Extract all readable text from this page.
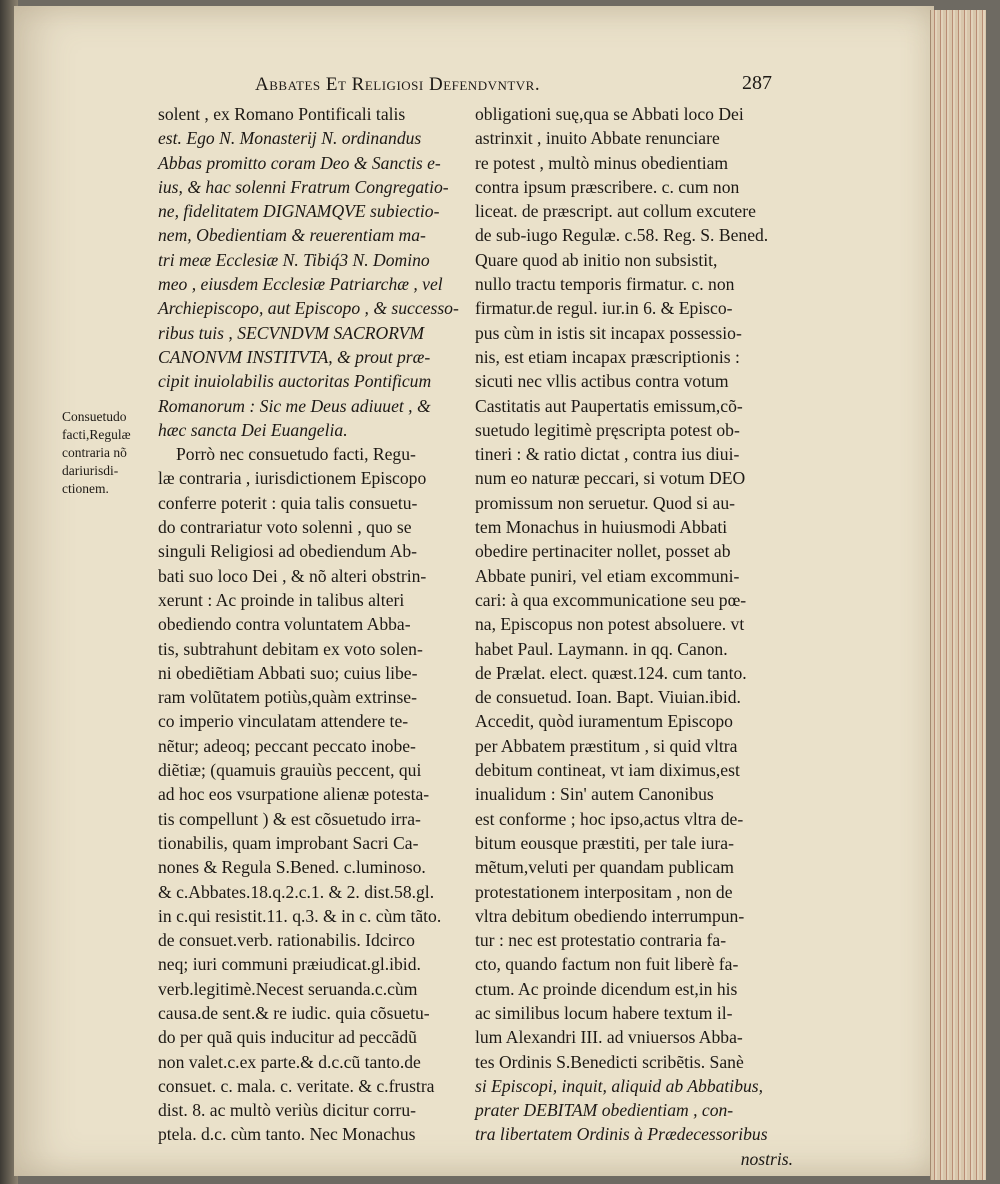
Abbates Et Religiosi Defendvntvr.	287
Consuetudo
facti,Regulæ
contraria nõ
dariurisdi-
ctionem.
solent , ex Romano Pontificali talis
est. Ego N. Monasterij N. ordinandus
Abbas promitto coram Deo & Sanctis e-
ius, & hac solenni Fratrum Congregatio-
ne, fidelitatem DIGNAMQVE subiectio-
nem, Obedientiam & reuerentiam ma-
tri meæ Ecclesiæ N. Tibiq́3 N. Domino
meo , eiusdem Ecclesiæ Patriarchæ , vel
Archiepiscopo, aut Episcopo , & successo-
ribus tuis , SECVNDVM SACRORVM
CANONVM INSTITVTA, & prout præ-
cipit inuiolabilis auctoritas Pontificum
Romanorum : Sic me Deus adiuuet , &
hæc sancta Dei Euangelia.
Porrò nec consuetudo facti, Regu-
læ contraria , iurisdictionem Episcopo
conferre poterit : quia talis consuetu-
do contrariatur voto solenni , quo se
singuli Religiosi ad obediendum Ab-
bati suo loco Dei , & nõ alteri obstrin-
xerunt : Ac proinde in talibus alteri
obediendo contra voluntatem Abba-
tis, subtrahunt debitam ex voto solen-
ni obediẽtiam Abbati suo; cuius libe-
ram volũtatem potiùs,quàm extrinse-
co imperio vinculatam attendere te-
nẽtur; adeoq; peccant peccato inobe-
diẽtiæ; (quamuis grauiùs peccent, qui
ad hoc eos vsurpatione alienæ potesta-
tis compellunt ) & est cõsuetudo irra-
tionabilis, quam improbant Sacri Ca-
nones & Regula S.Bened. c.luminoso.
& c.Abbates.18.q.2.c.1. & 2. dist.58.gl.
in c.qui resistit.11. q.3. & in c. cùm tãto.
de consuet.verb. rationabilis. Idcirco
neq; iuri communi præiudicat.gl.ibid.
verb.legitimè.Necest seruanda.c.cùm
causa.de sent.& re iudic. quia cõsuetu-
do per quã quis inducitur ad peccãdũ
non valet.c.ex parte.& d.c.cũ tanto.de
consuet. c. mala. c. veritate. & c.frustra
dist. 8. ac multò veriùs dicitur corru-
ptela. d.c. cùm tanto. Nec Monachus
obligationi suę,qua se Abbati loco Dei
astrinxit , inuito Abbate renunciare
re potest , multò minus obedientiam
contra ipsum præscribere. c. cum non
liceat. de præscript. aut collum excutere
de sub-iugo Regulæ. c.58. Reg. S. Bened.
Quare quod ab initio non subsistit,
nullo tractu temporis firmatur. c. non
firmatur.de regul. iur.in 6. & Episco-
pus cùm in istis sit incapax possessio-
nis, est etiam incapax præscriptionis :
sicuti nec vllis actibus contra votum
Castitatis aut Paupertatis emissum,cõ-
suetudo legitimè pręscripta potest ob-
tineri : & ratio dictat , contra ius diui-
num eo naturæ peccari, si votum DEO
promissum non seruetur. Quod si au-
tem Monachus in huiusmodi Abbati
obedire pertinaciter nollet, posset ab
Abbate puniri, vel etiam excommuni-
cari: à qua excommunicatione seu pœ-
na, Episcopus non potest absoluere. vt
habet Paul. Laymann. in qq. Canon.
de Prælat. elect. quæst.124. cum tanto.
de consuetud. Ioan. Bapt. Viuian.ibid.
Accedit, quòd iuramentum Episcopo
per Abbatem præstitum , si quid vltra
debitum contineat, vt iam diximus,est
inualidum : Sin' autem Canonibus
est conforme ; hoc ipso,actus vltra de-
bitum eousque præstiti, per tale iura-
mẽtum,veluti per quandam publicam
protestationem interpositam , non de
vltra debitum obediendo interrumpun-
tur : nec est protestatio contraria fa-
cto, quando factum non fuit liberè fa-
ctum. Ac proinde dicendum est,in his
ac similibus locum habere textum il-
lum Alexandri III. ad vniuersos Abba-
tes Ordinis S.Benedicti scribẽtis. Sanè
si Episcopi, inquit, aliquid ab Abbatibus,
prater DEBITAM obedientiam , con-
tra libertatem Ordinis à Prædecessoribus
nostris.
